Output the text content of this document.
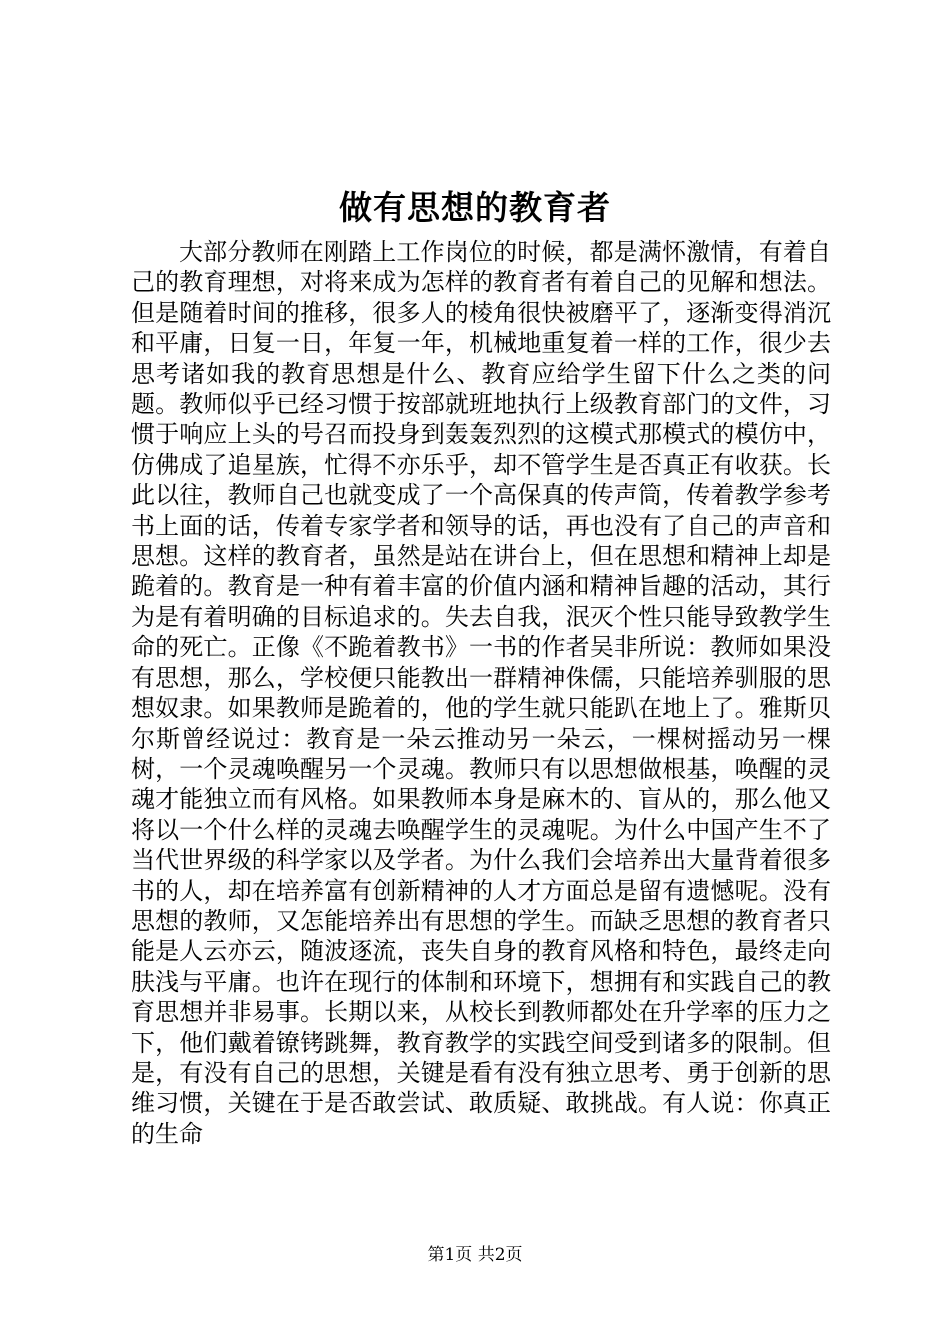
做有思想的教育者

大部分教师在刚踏上工作岗位的时候，都是满怀激情，有着自己的教育理想，对将来成为怎样的教育者有着自己的见解和想法。但是随着时间的推移，很多人的棱角很快被磨平了，逐渐变得消沉和平庸，日复一日，年复一年，机械地重复着一样的工作，很少去思考诸如我的教育思想是什么、教育应给学生留下什么之类的问题。教师似乎已经习惯于按部就班地执行上级教育部门的文件，习惯于响应上头的号召而投身到轰轰烈烈的这模式那模式的模仿中，仿佛成了追星族，忙得不亦乐乎，却不管学生是否真正有收获。长此以往，教师自己也就变成了一个高保真的传声筒，传着教学参考书上面的话，传着专家学者和领导的话，再也没有了自己的声音和思想。这样的教育者，虽然是站在讲台上，但在思想和精神上却是跪着的。教育是一种有着丰富的价值内涵和精神旨趣的活动，其行为是有着明确的目标追求的。失去自我，泯灭个性只能导致教学生命的死亡。正像《不跪着教书》一书的作者吴非所说：教师如果没有思想，那么，学校便只能教出一群精神侏儒，只能培养驯服的思想奴隶。如果教师是跪着的，他的学生就只能趴在地上了。雅斯贝尔斯曾经说过：教育是一朵云推动另一朵云，一棵树摇动另一棵树，一个灵魂唤醒另一个灵魂。教师只有以思想做根基，唤醒的灵魂才能独立而有风格。如果教师本身是麻木的、盲从的，那么他又将以一个什么样的灵魂去唤醒学生的灵魂呢。为什么中国产生不了当代世界级的科学家以及学者。为什么我们会培养出大量背着很多书的人，却在培养富有创新精神的人才方面总是留有遗憾呢。没有思想的教师，又怎能培养出有思想的学生。而缺乏思想的教育者只能是人云亦云，随波逐流，丧失自身的教育风格和特色，最终走向肤浅与平庸。也许在现行的体制和环境下，想拥有和实践自己的教育思想并非易事。长期以来，从校长到教师都处在升学率的压力之下，他们戴着镣铐跳舞，教育教学的实践空间受到诸多的限制。但是，有没有自己的思想，关键是看有没有独立思考、勇于创新的思维习惯，关键在于是否敢尝试、敢质疑、敢挑战。有人说：你真正的生命

第1页 共2页
